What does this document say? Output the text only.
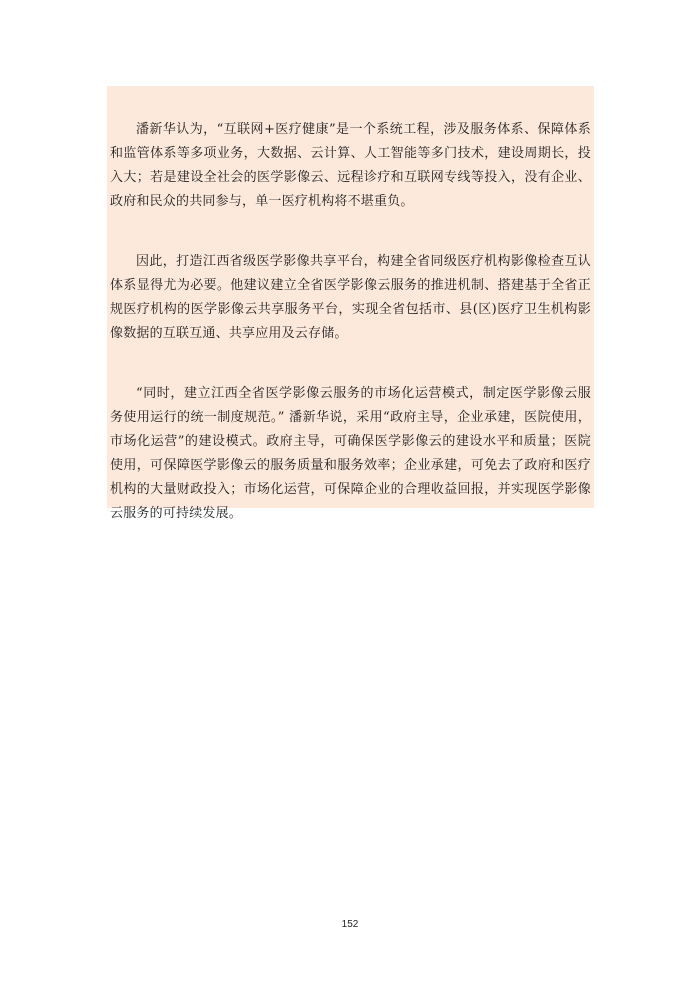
潘新华认为，“互联网+医疗健康”是一个系统工程，涉及服务体系、保障体系和监管体系等多项业务，大数据、云计算、人工智能等多门技术，建设周期长，投入大；若是建设全社会的医学影像云、远程诊疗和互联网专线等投入，没有企业、政府和民众的共同参与，单一医疗机构将不堪重负。

因此，打造江西省级医学影像共享平台，构建全省同级医疗机构影像检查互认体系显得尤为必要。他建议建立全省医学影像云服务的推进机制、搭建基于全省正规医疗机构的医学影像云共享服务平台，实现全省包括市、县(区)医疗卫生机构影像数据的互联互通、共享应用及云存储。

“同时，建立江西全省医学影像云服务的市场化运营模式，制定医学影像云服务使用运行的统一制度规范。” 潘新华说，采用“政府主导，企业承建，医院使用，市场化运营”的建设模式。政府主导，可确保医学影像云的建设水平和质量；医院使用，可保障医学影像云的服务质量和服务效率；企业承建，可免去了政府和医疗机构的大量财政投入；市场化运营，可保障企业的合理收益回报，并实现医学影像云服务的可持续发展。

152
